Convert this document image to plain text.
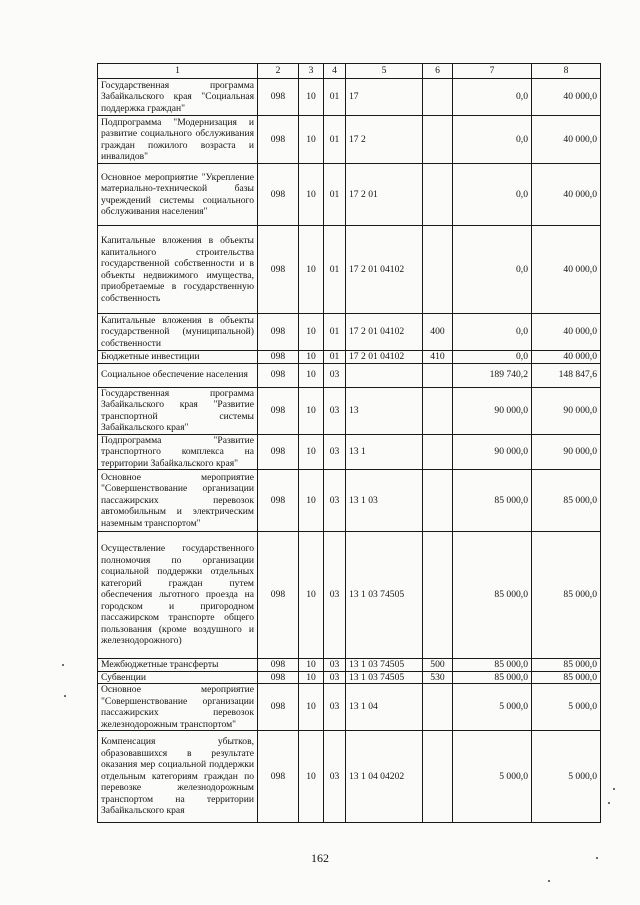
1	2	3	4	5	6	7	8
Государственная программа Забайкальского края "Социальная поддержка граждан"	098	10	01	17		0,0	40 000,0
Подпрограмма "Модернизация и развитие социального обслуживания граждан пожилого возраста и инвалидов"	098	10	01	17 2		0,0	40 000,0
Основное мероприятие "Укрепление материально-технической базы учреждений системы социального обслуживания населения"	098	10	01	17 2 01		0,0	40 000,0
Капитальные вложения в объекты капитального строительства государственной собственности и в объекты недвижимого имущества, приобретаемые в государственную собственность	098	10	01	17 2 01 04102		0,0	40 000,0
Капитальные вложения в объекты государственной (муниципальной) собственности	098	10	01	17 2 01 04102	400	0,0	40 000,0
Бюджетные инвестиции	098	10	01	17 2 01 04102	410	0,0	40 000,0
Социальное обеспечение населения	098	10	03			189 740,2	148 847,6
Государственная программа Забайкальского края "Развитие транспортной системы Забайкальского края"	098	10	03	13		90 000,0	90 000,0
Подпрограмма "Развитие транспортного комплекса на территории Забайкальского края"	098	10	03	13 1		90 000,0	90 000,0
Основное мероприятие "Совершенствование организации пассажирских перевозок автомобильным и электрическим наземным транспортом"	098	10	03	13 1 03		85 000,0	85 000,0
Осуществление государственного полномочия по организации социальной поддержки отдельных категорий граждан путем обеспечения льготного проезда на городском и пригородном пассажирском транспорте общего пользования (кроме воздушного и железнодорожного)	098	10	03	13 1 03 74505		85 000,0	85 000,0
Межбюджетные трансферты	098	10	03	13 1 03 74505	500	85 000,0	85 000,0
Субвенции	098	10	03	13 1 03 74505	530	85 000,0	85 000,0
Основное мероприятие "Совершенствование организации пассажирских перевозок железнодорожным транспортом"	098	10	03	13 1 04		5 000,0	5 000,0
Компенсация убытков, образовавшихся в результате оказания мер социальной поддержки отдельным категориям граждан по перевозке железнодорожным транспортом на территории Забайкальского края	098	10	03	13 1 04 04202		5 000,0	5 000,0
162
